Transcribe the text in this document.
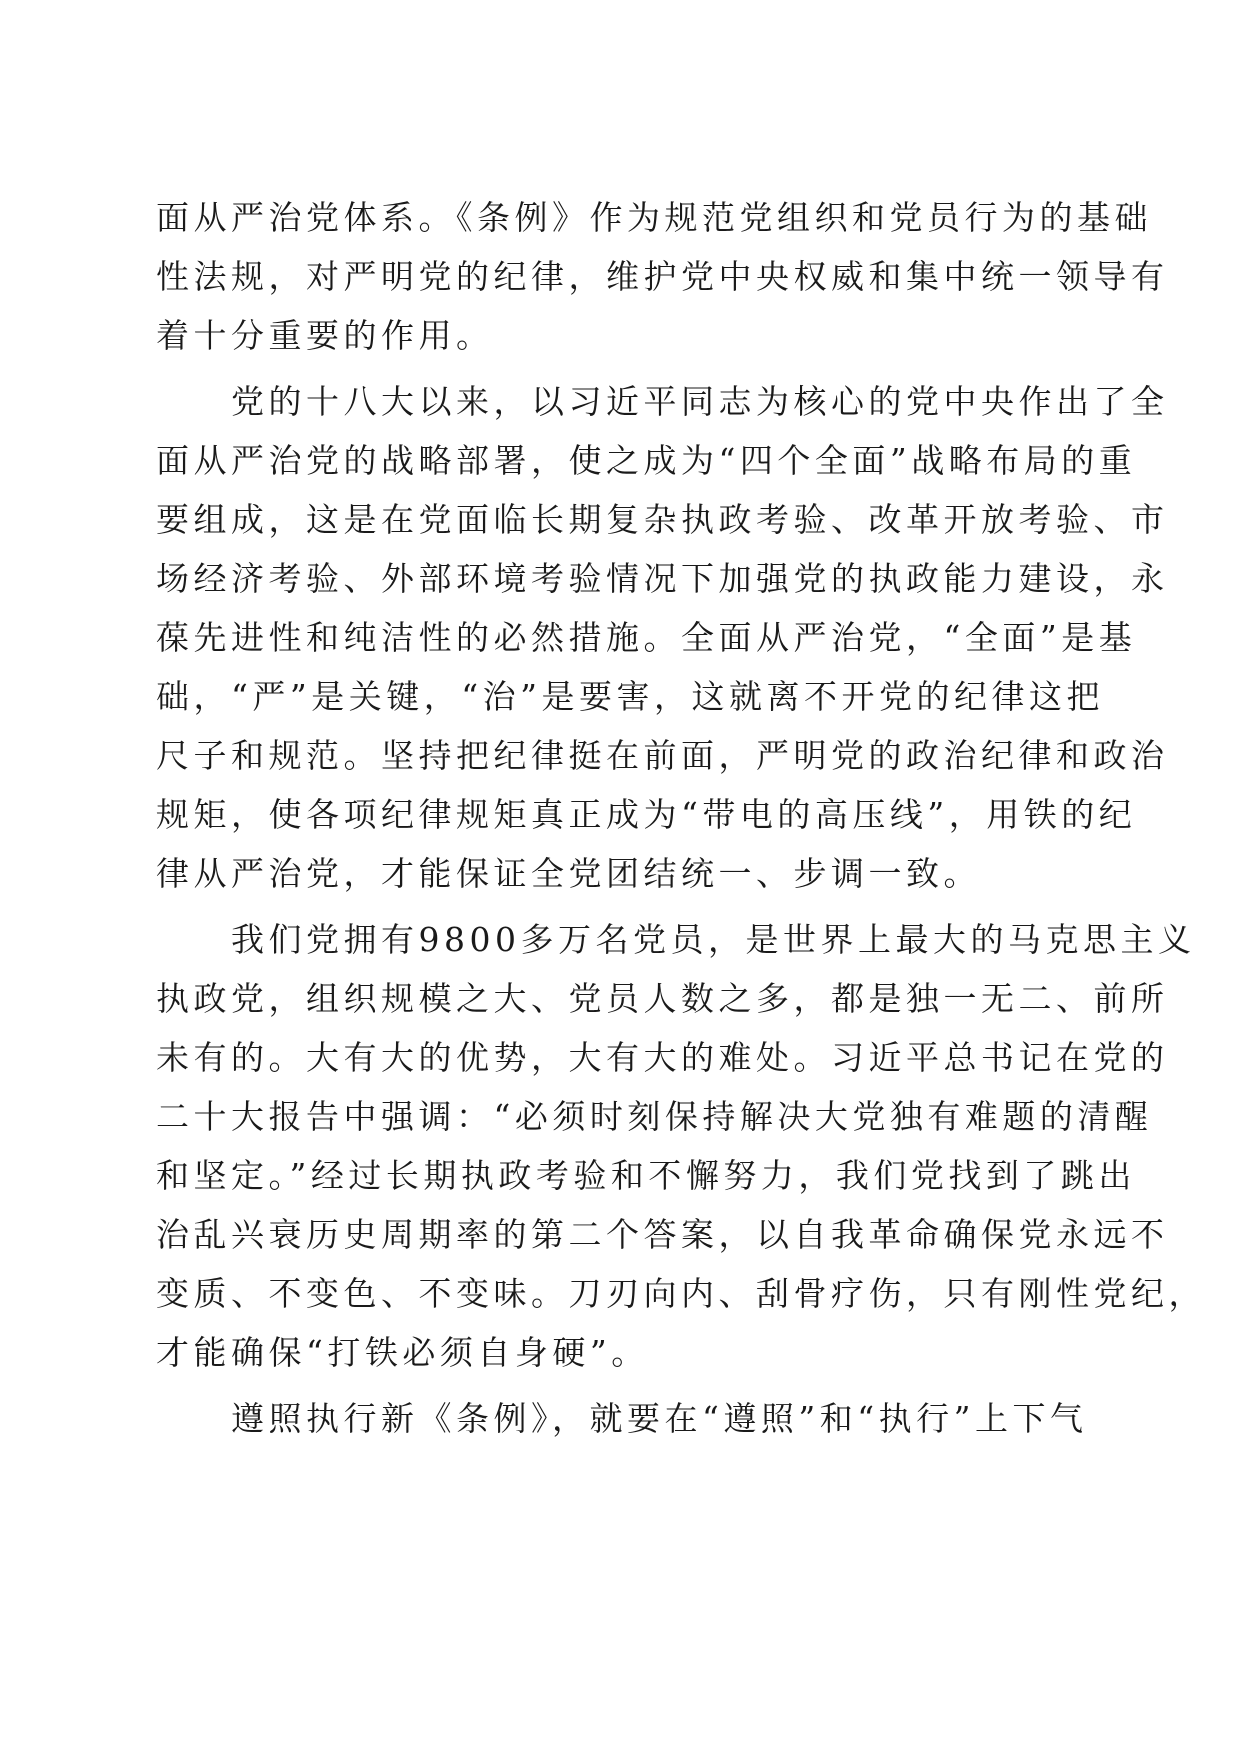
面从严治党体系。《条例》作为规范党组织和党员行为的基础
性法规，对严明党的纪律，维护党中央权威和集中统一领导有
着十分重要的作用。
　　党的十八大以来，以习近平同志为核心的党中央作出了全
面从严治党的战略部署，使之成为“四个全面”战略布局的重
要组成，这是在党面临长期复杂执政考验、改革开放考验、市
场经济考验、外部环境考验情况下加强党的执政能力建设，永
葆先进性和纯洁性的必然措施。全面从严治党，“全面”是基
础，“严”是关键，“治”是要害，这就离不开党的纪律这把
尺子和规范。坚持把纪律挺在前面，严明党的政治纪律和政治
规矩，使各项纪律规矩真正成为“带电的高压线”，用铁的纪
律从严治党，才能保证全党团结统一、步调一致。
　　我们党拥有9800多万名党员，是世界上最大的马克思主义
执政党，组织规模之大、党员人数之多，都是独一无二、前所
未有的。大有大的优势，大有大的难处。习近平总书记在党的
二十大报告中强调：“必须时刻保持解决大党独有难题的清醒
和坚定。”经过长期执政考验和不懈努力，我们党找到了跳出
治乱兴衰历史周期率的第二个答案，以自我革命确保党永远不
变质、不变色、不变味。刀刃向内、刮骨疗伤，只有刚性党纪，
才能确保“打铁必须自身硬”。
　　遵照执行新《条例》，就要在“遵照”和“执行”上下气
